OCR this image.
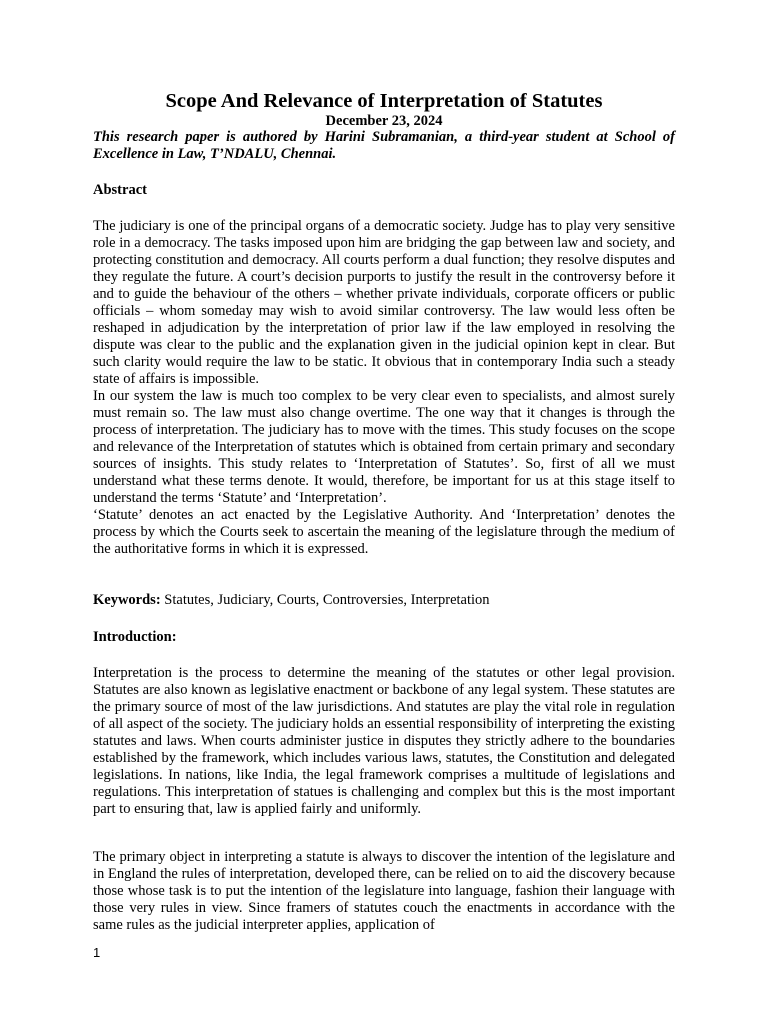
Scope And Relevance of Interpretation of Statutes

December 23, 2024

This research paper is authored by Harini Subramanian, a third-year student at School of Excellence in Law, T’NDALU, Chennai.

Abstract
The judiciary is one of the principal organs of a democratic society. Judge has to play very sensitive role in a democracy. The tasks imposed upon him are bridging the gap between law and society, and protecting constitution and democracy. All courts perform a dual function; they resolve disputes and they regulate the future. A court’s decision purports to justify the result in the controversy before it and to guide the behaviour of the others – whether private individuals, corporate officers or public officials – whom someday may wish to avoid similar controversy. The law would less often be reshaped in adjudication by the interpretation of prior law if the law employed in resolving the dispute was clear to the public and the explanation given in the judicial opinion kept in clear. But such clarity would require the law to be static. It obvious that in contemporary India such a steady state of affairs is impossible.
In our system the law is much too complex to be very clear even to specialists, and almost surely must remain so. The law must also change overtime. The one way that it changes is through the process of interpretation. The judiciary has to move with the times. This study focuses on the scope and relevance of the Interpretation of statutes which is obtained from certain primary and secondary sources of insights. This study relates to ‘Interpretation of Statutes’. So, first of all we must understand what these terms denote. It would, therefore, be important for us at this stage itself to understand the terms ‘Statute’ and ‘Interpretation’.
‘Statute’ denotes an act enacted by the Legislative Authority. And ‘Interpretation’ denotes the process by which the Courts seek to ascertain the meaning of the legislature through the medium of the authoritative forms in which it is expressed.

Keywords: Statutes, Judiciary, Courts, Controversies, Interpretation

Introduction:

Interpretation is the process to determine the meaning of the statutes or other legal provision. Statutes are also known as legislative enactment or backbone of any legal system. These statutes are the primary source of most of the law jurisdictions. And statutes are play the vital role in regulation of all aspect of the society. The judiciary holds an essential responsibility of interpreting the existing statutes and laws. When courts administer justice in disputes they strictly adhere to the boundaries established by the framework, which includes various laws, statutes, the Constitution and delegated legislations. In nations, like India, the legal framework comprises a multitude of legislations and regulations. This interpretation of statues is challenging and complex but this is the most important part to ensuring that, law is applied fairly and uniformly.

The primary object in interpreting a statute is always to discover the intention of the legislature and in England the rules of interpretation, developed there, can be relied on to aid the discovery because those whose task is to put the intention of the legislature into language, fashion their language with those very rules in view. Since framers of statutes couch the enactments in accordance with the same rules as the judicial interpreter applies, application of

1
